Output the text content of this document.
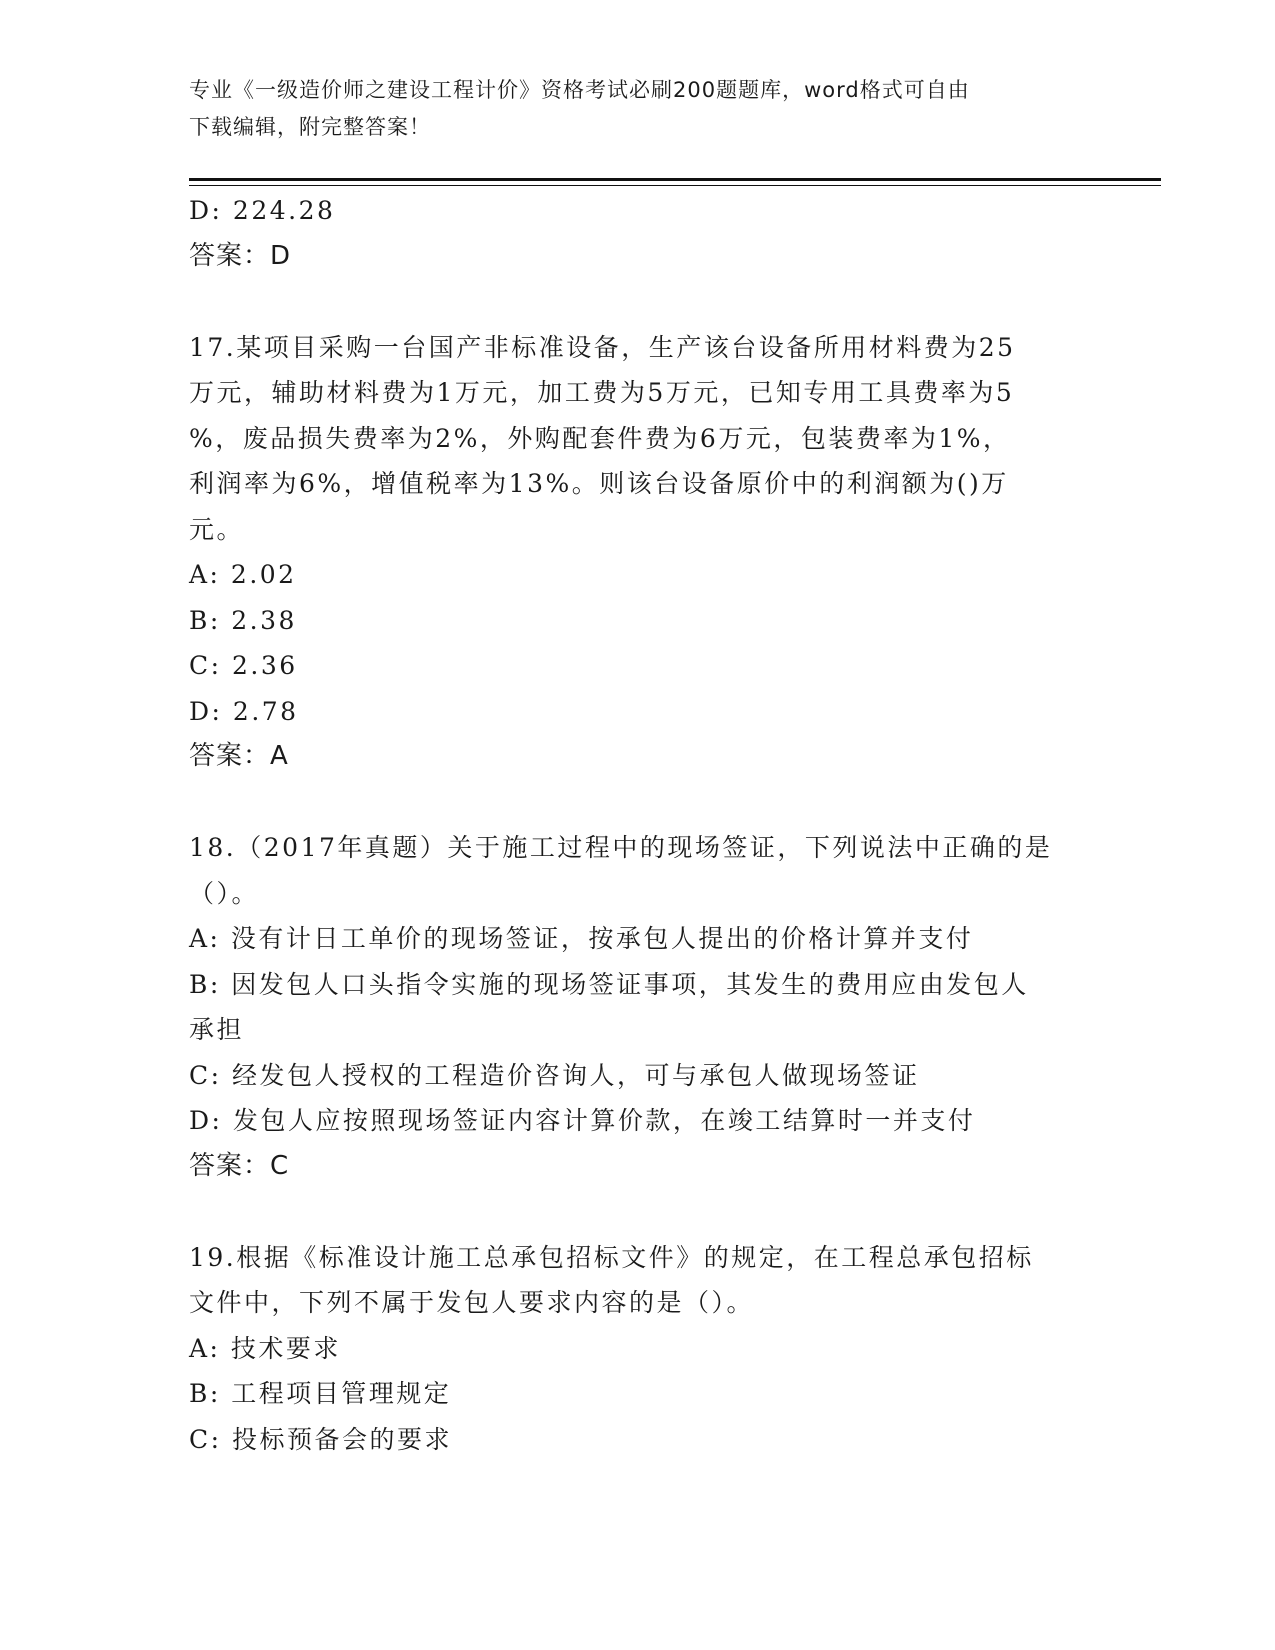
专业《一级造价师之建设工程计价》资格考试必刷200题题库，word格式可自由
下载编辑，附完整答案！
D: 224.28
答案：D
17.某项目采购一台国产非标准设备，生产该台设备所用材料费为25
万元，辅助材料费为1万元，加工费为5万元，已知专用工具费率为5
%，废品损失费率为2%，外购配套件费为6万元，包装费率为1%，
利润率为6%，增值税率为13%。则该台设备原价中的利润额为()万
元。
A: 2.02
B: 2.38
C: 2.36
D: 2.78
答案：A
18.（2017年真题）关于施工过程中的现场签证，下列说法中正确的是
（）。
A: 没有计日工单价的现场签证，按承包人提出的价格计算并支付
B: 因发包人口头指令实施的现场签证事项，其发生的费用应由发包人
承担
C: 经发包人授权的工程造价咨询人，可与承包人做现场签证
D: 发包人应按照现场签证内容计算价款，在竣工结算时一并支付
答案：C
19.根据《标准设计施工总承包招标文件》的规定，在工程总承包招标
文件中，下列不属于发包人要求内容的是（）。
A: 技术要求
B: 工程项目管理规定
C: 投标预备会的要求
